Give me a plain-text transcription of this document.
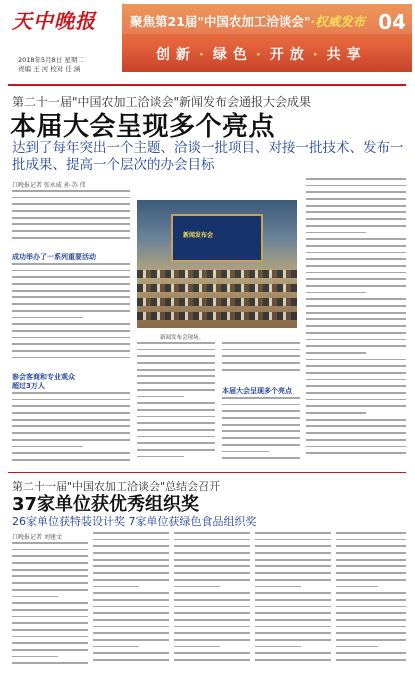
天中晚报
2018年5月8日 星期二
责编 王 河 校对 任 涵
聚焦第21届"中国农加工洽谈会"·权威发布 04
创新 · 绿色 · 开放 · 共享
第二十一届"中国农加工洽谈会"新闻发布会通报大会成果
本届大会呈现多个亮点
达到了每年突出一个主题、洽谈一批项目、对接一批技术、发布一批成果、提高一个层次的办会目标
口晚报记者 张永威 孙 苏 伟
成功举办了一系列重要活动
参会客商和专业观众
超过3万人
新闻发布会
新闻发布会现场。
本届大会呈现多个亮点
第二十一届"中国农加工洽谈会"总结会召开
37家单位获优秀组织奖
26家单位获特装设计奖 7家单位获绿色食品组织奖
口晚报记者 刘建文
